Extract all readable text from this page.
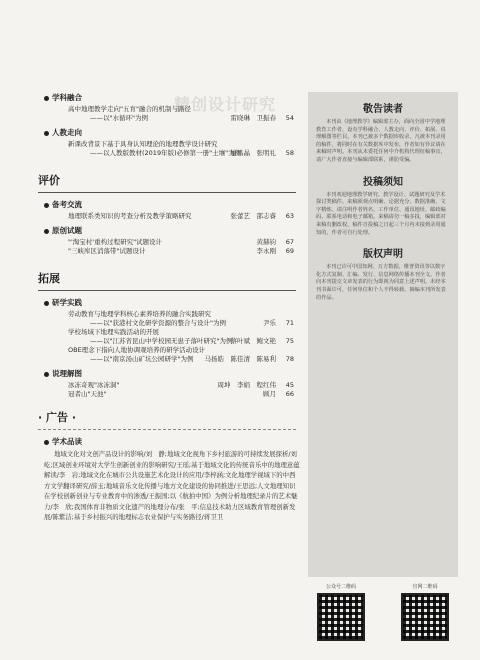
精创设计研究
学科融合
高中地理教学走向"五育"融合的机制与路径
——以"水循环"为例	雷晓琳　卫振春 54
人教走向
新课改背景下基于具身认知理论的地理教学设计研究
——以人教版教材(2019年版)必修第一册"土壤"为例
廖昌晶　张明礼 58
评价
备考交流
地理联系类知识的考查分析及教学策略研究	张蕾艺　邵志睿 63
原创试题
"'淘宝村'重构过程研究"试题设计	黄赫钧 67
"三峡库区消落带"试题设计	李永刚 69
拓展
研学实践
劳动教育与地理学科核心素养培养的融合实践研究
——以"获港村文化研学资源的整合与设计"为例	尹乐 71
学校场域下地理实践活动的开展
——以"江苏省昆山中学校园无患子落叶研究"为例
蔡叶斌　鲍文艳 75
OBE理念下指向人地协调观培养的研学活动设计
——以"南京汤山矿坑公园研学"为例	马扬皓　陈佳清　陈易利 78
说理解图
冰冻奇观"冰冻洞"	周坤　李娟　程红伟 45
冠者山"天池"	顾月 66
· 广告 ·
学术品读
地域文化对文创产品设计的影响/刘　静;地域文化视角下乡村旅游的可持续发展探析/刘　屹;区域创业环境对大学生创新创业的影响研究/王瑶;基于地域文化的传统音乐中的地理意蕴解读/李　岩;地域文化在城市公共设施艺术化设计的应用/李梓涵;文化地理学视域下的中西方文学翻译研究/薛玉;地域音乐文化传播与地方文化建设的协同推进/王思远;人文地理知识在学校创新创业与专业教育中的渗透/王振国;以《航拍中国》为例分析地理纪录片的艺术魅力/李　欣;我国体育非物质文化遗产的地理分布/张　平;信息技术助力区域教育管理创新发展/陈紫洁;基于乡村振兴的地理标志农业保护与实务路径/蒋卫卫
敬告读者
本刊由《地理教学》编辑部主办，面向全国中学地理教育工作者，设有学科融合、人教走向、评价、拓展、说理解图等栏目。本刊已被多个数据库收录，凡被本刊录用的稿件，将同时在有关数据库中发布，作者如有异议请在来稿时声明。本刊从未委托任何中介机构代理征稿事宜，请广大作者直接与编辑部联系，谨防受骗。
投稿须知
本刊欢迎地理教学研究、教学设计、试题研究及学术探讨类稿件。来稿须观点明确、论据充分、数据准确、文字精炼。请注明作者姓名、工作单位、通讯地址、邮政编码、联系电话和电子邮箱。来稿请勿一稿多投，编辑部对来稿有删改权，稿件自投稿之日起三个月内未接到录用通知的，作者可自行处理。
版权声明
本刊已许可中国知网、万方数据、维普资讯等以数字化方式复制、汇编、发行、信息网络传播本刊全文。作者向本刊提交文章发表的行为即视为同意上述声明。未经本刊书面许可，任何单位和个人不得转载、摘编本刊所发表的作品。
公众号二维码	官网二维码
